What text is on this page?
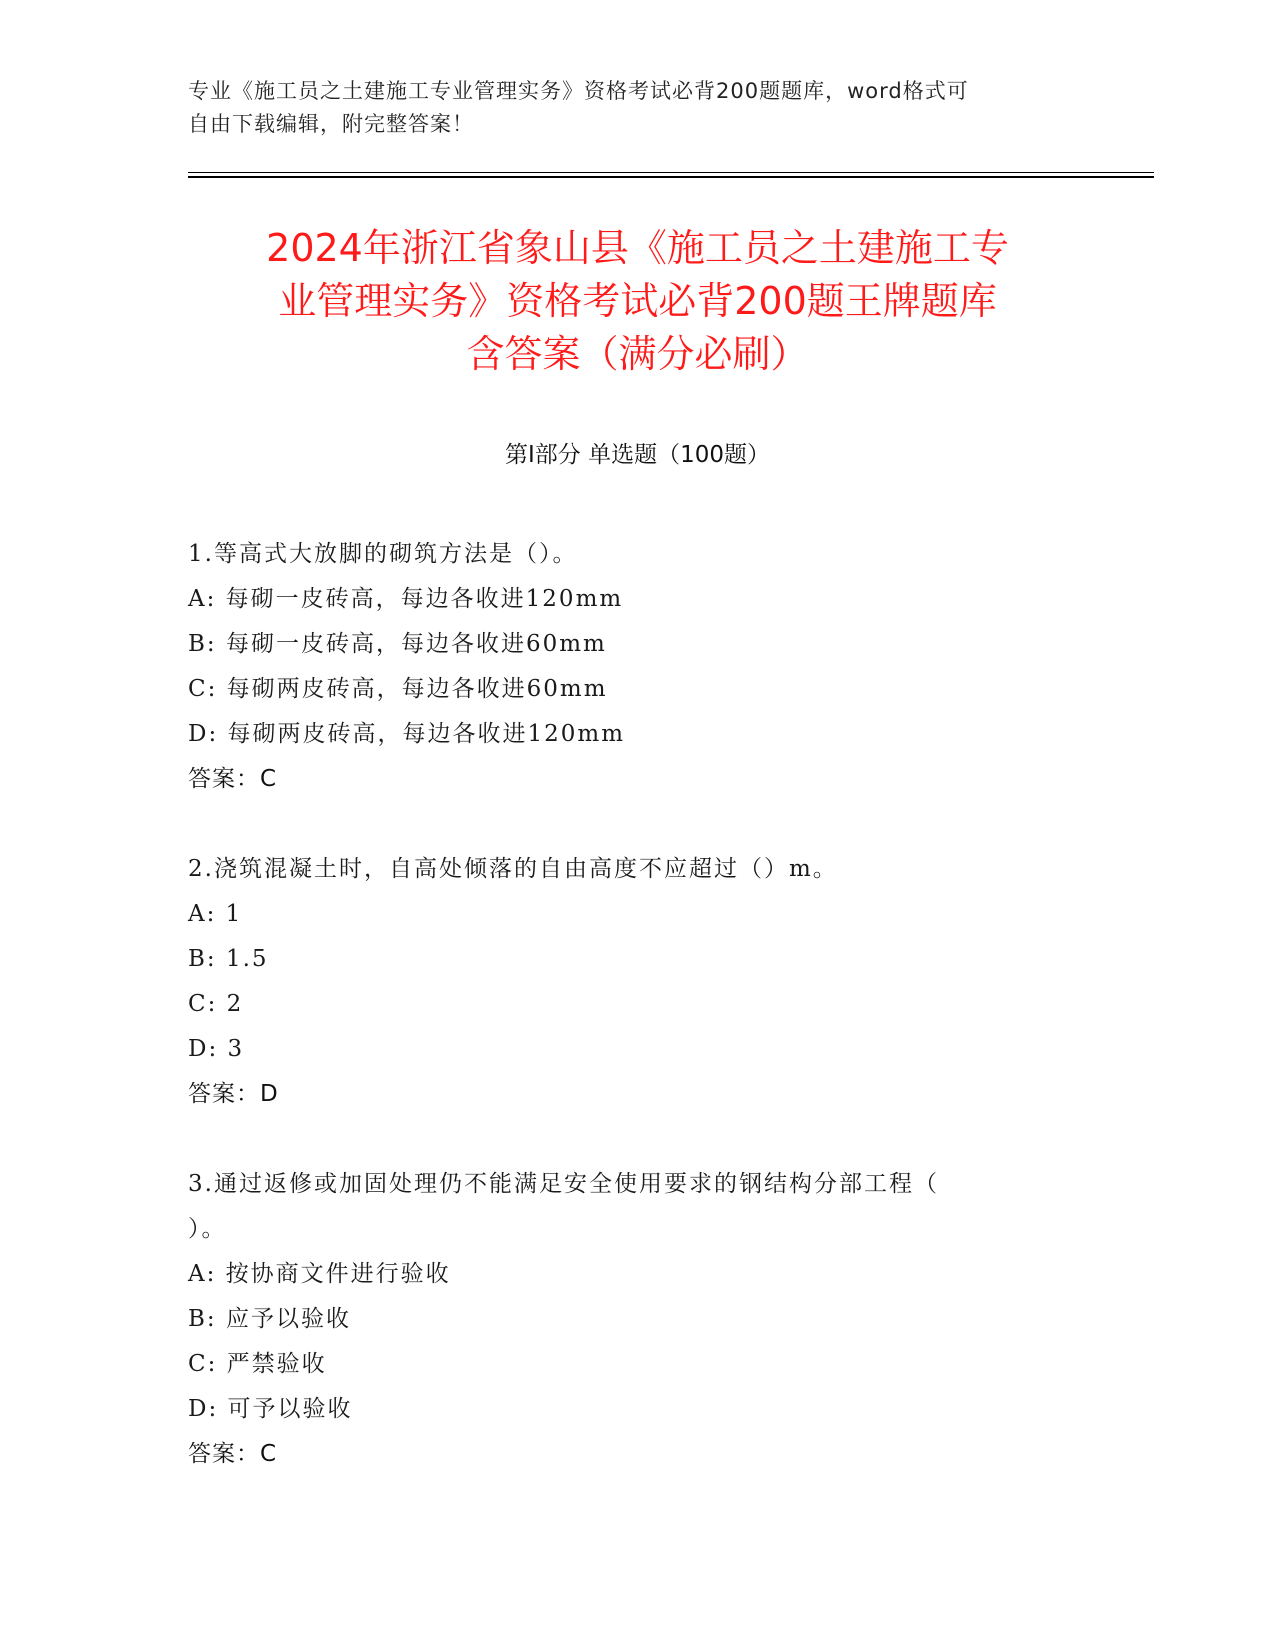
专业《施工员之土建施工专业管理实务》资格考试必背200题题库，word格式可
自由下载编辑，附完整答案！
2024年浙江省象山县《施工员之土建施工专
业管理实务》资格考试必背200题王牌题库
含答案（满分必刷）
第Ⅰ部分 单选题（100题）

1.等高式大放脚的砌筑方法是（）。

A: 每砌一皮砖高，每边各收进120mm

B: 每砌一皮砖高，每边各收进60mm

C: 每砌两皮砖高，每边各收进60mm

D: 每砌两皮砖高，每边各收进120mm

答案：C

2.浇筑混凝土时，自高处倾落的自由高度不应超过（）m。

A: 1

B: 1.5

C: 2

D: 3

答案：D

3.通过返修或加固处理仍不能满足安全使用要求的钢结构分部工程（

）。

A: 按协商文件进行验收

B: 应予以验收

C: 严禁验收

D: 可予以验收

答案：C
